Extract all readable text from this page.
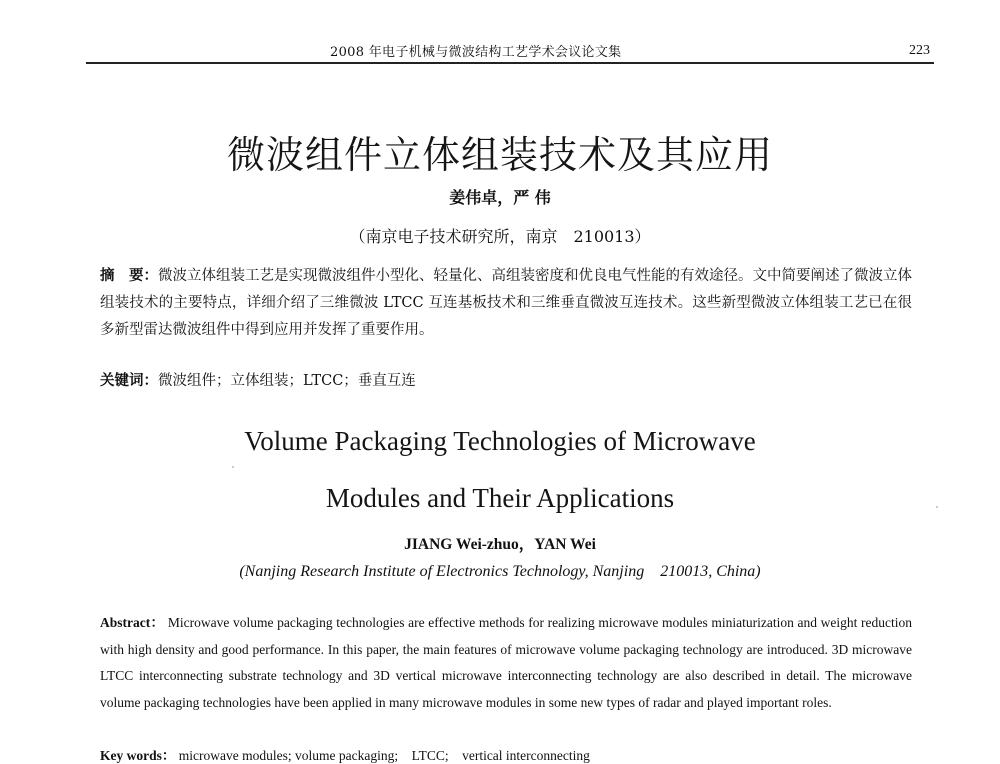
2008 年电子机械与微波结构工艺学术会议论文集	223
微波组件立体组装技术及其应用
姜伟卓，严 伟
（南京电子技术研究所，南京　210013）
摘　要：微波立体组装工艺是实现微波组件小型化、轻量化、高组装密度和优良电气性能的有效途径。文中简要阐述了微波立体组装技术的主要特点，详细介绍了三维微波 LTCC 互连基板技术和三维垂直微波互连技术。这些新型微波立体组装工艺已在很多新型雷达微波组件中得到应用并发挥了重要作用。
关键词：微波组件；立体组装；LTCC；垂直互连
Volume Packaging Technologies of Microwave
Modules and Their Applications
JIANG Wei-zhuo，YAN Wei
(Nanjing Research Institute of Electronics Technology, Nanjing　210013, China)
Abstract： Microwave volume packaging technologies are effective methods for realizing microwave modules miniaturization and weight reduction with high density and good performance. In this paper, the main features of microwave volume packaging technology are introduced. 3D microwave LTCC interconnecting substrate technology and 3D vertical microwave interconnecting technology are also described in detail. The microwave volume packaging technologies have been applied in many microwave modules in some new types of radar and played important roles.
Key words： microwave modules; volume packaging;　LTCC;　vertical interconnecting
